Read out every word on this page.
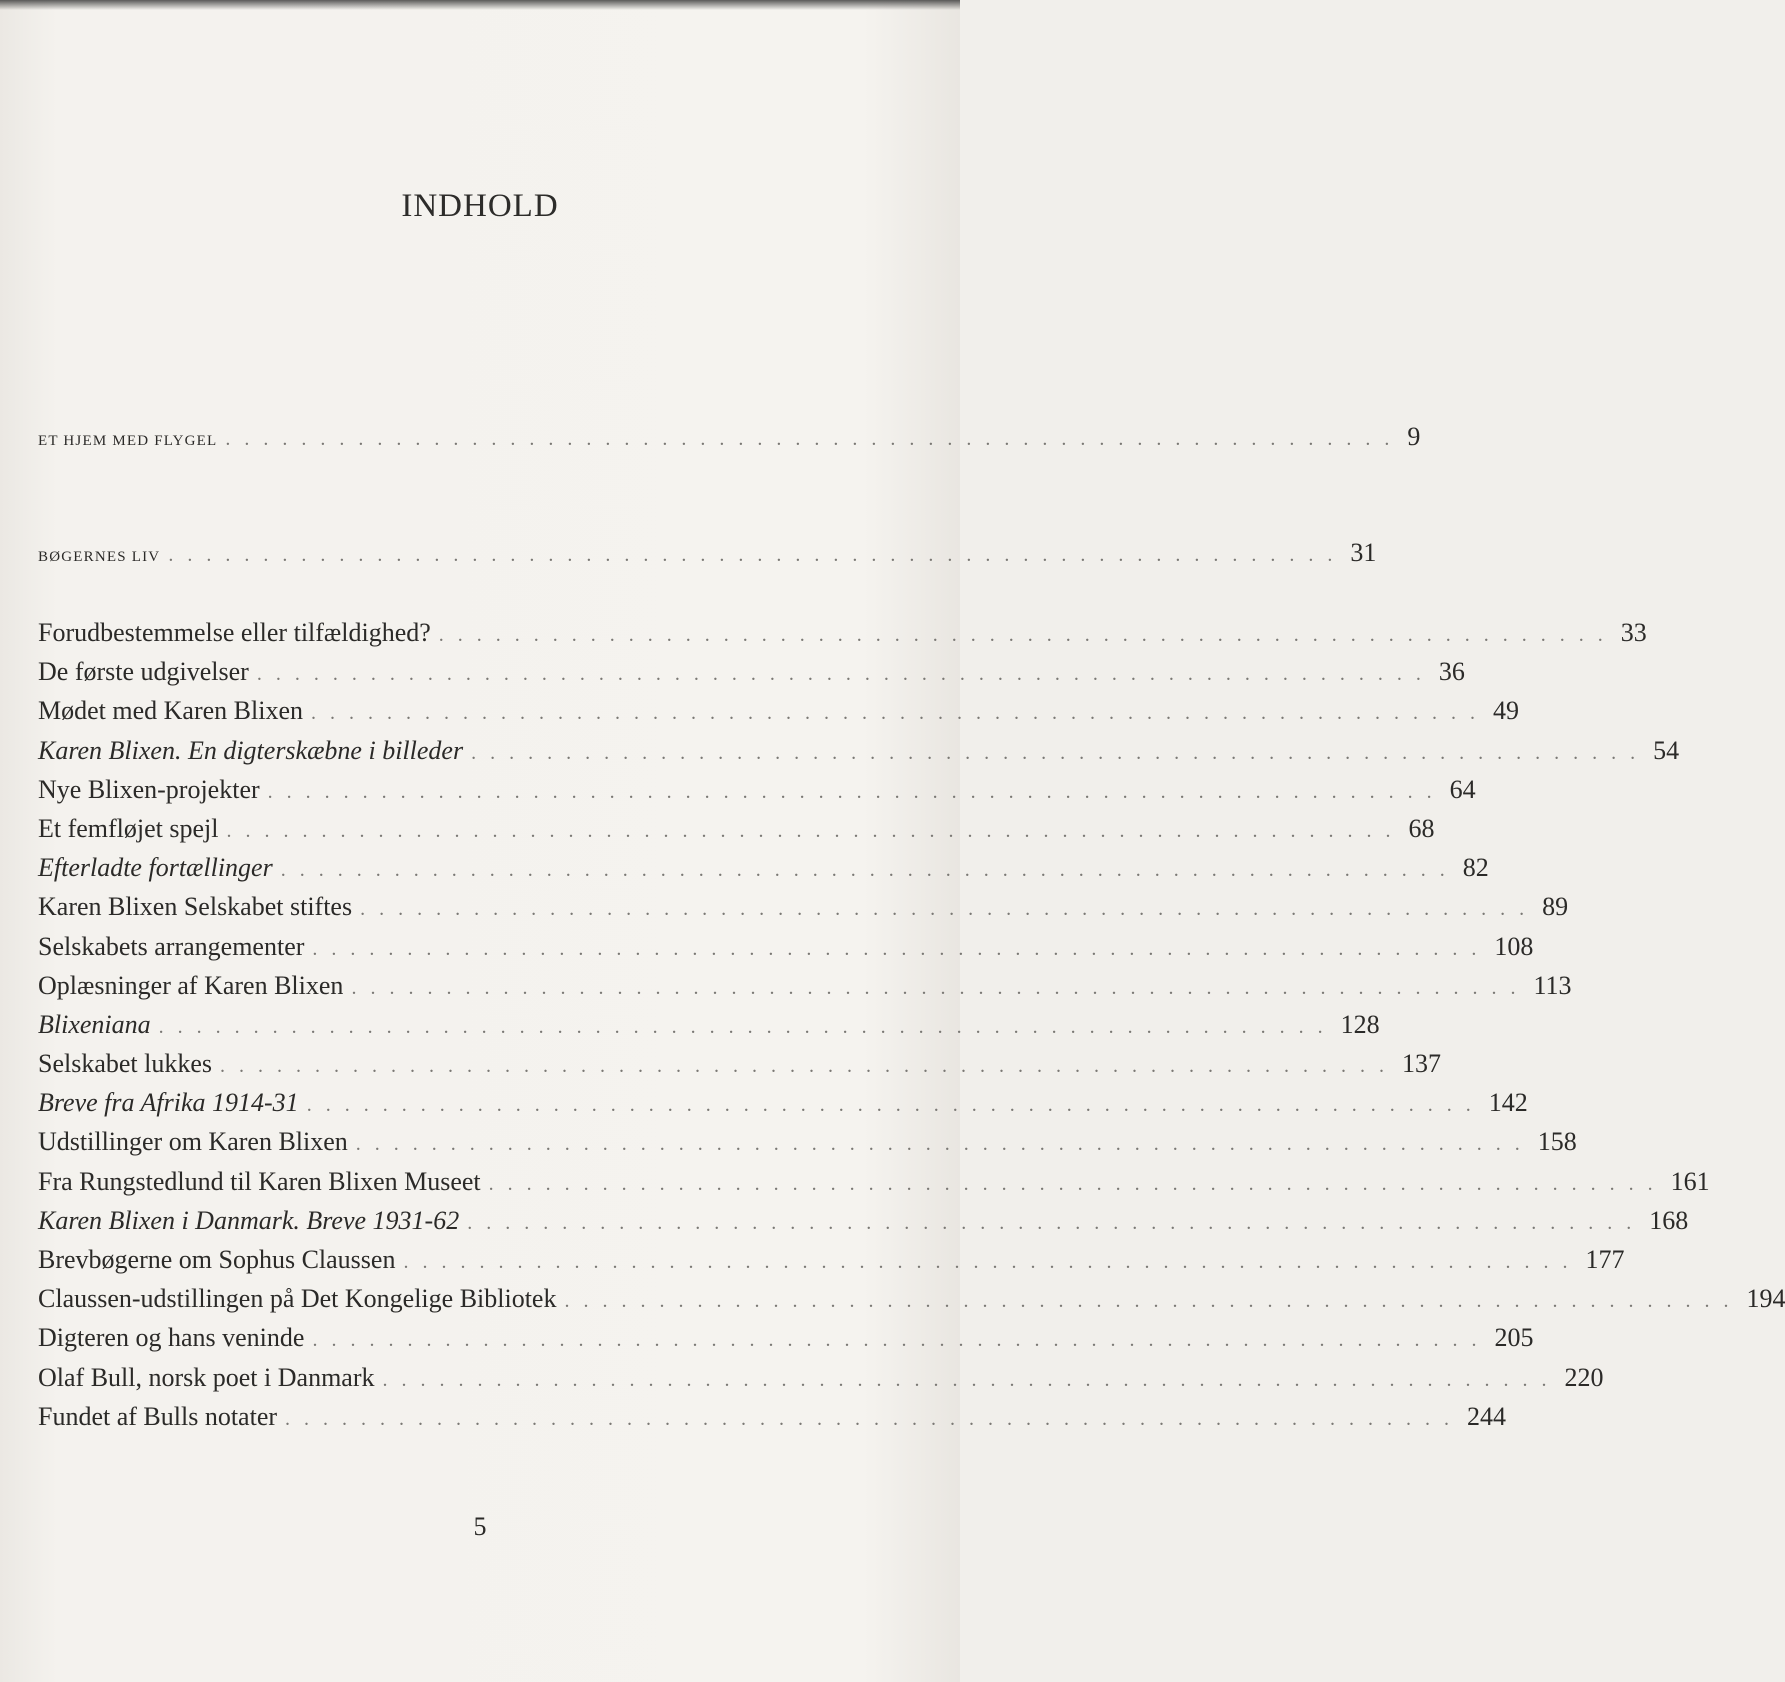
INDHOLD
ET HJEM MED FLYGEL .............................................................. 9
BØGERNES LIV .............................................................. 31
Forudbestemmelse eller tilfældighed? .............................................................. 33
De første udgivelser .............................................................. 36
Mødet med Karen Blixen .............................................................. 49
Karen Blixen. En digterskæbne i billeder .............................................................. 54
Nye Blixen-projekter .............................................................. 64
Et femfløjet spejl .............................................................. 68
Efterladte fortællinger .............................................................. 82
Karen Blixen Selskabet stiftes .............................................................. 89
Selskabets arrangementer .............................................................. 108
Oplæsninger af Karen Blixen .............................................................. 113
Blixeniana .............................................................. 128
Selskabet lukkes .............................................................. 137
Breve fra Afrika 1914-31 .............................................................. 142
Udstillinger om Karen Blixen .............................................................. 158
Fra Rungstedlund til Karen Blixen Museet .............................................................. 161
Karen Blixen i Danmark. Breve 1931-62 .............................................................. 168
Brevbøgerne om Sophus Claussen .............................................................. 177
Claussen-udstillingen på Det Kongelige Bibliotek .............................................................. 194
Digteren og hans veninde .............................................................. 205
Olaf Bull, norsk poet i Danmark .............................................................. 220
Fundet af Bulls notater .............................................................. 244
5
